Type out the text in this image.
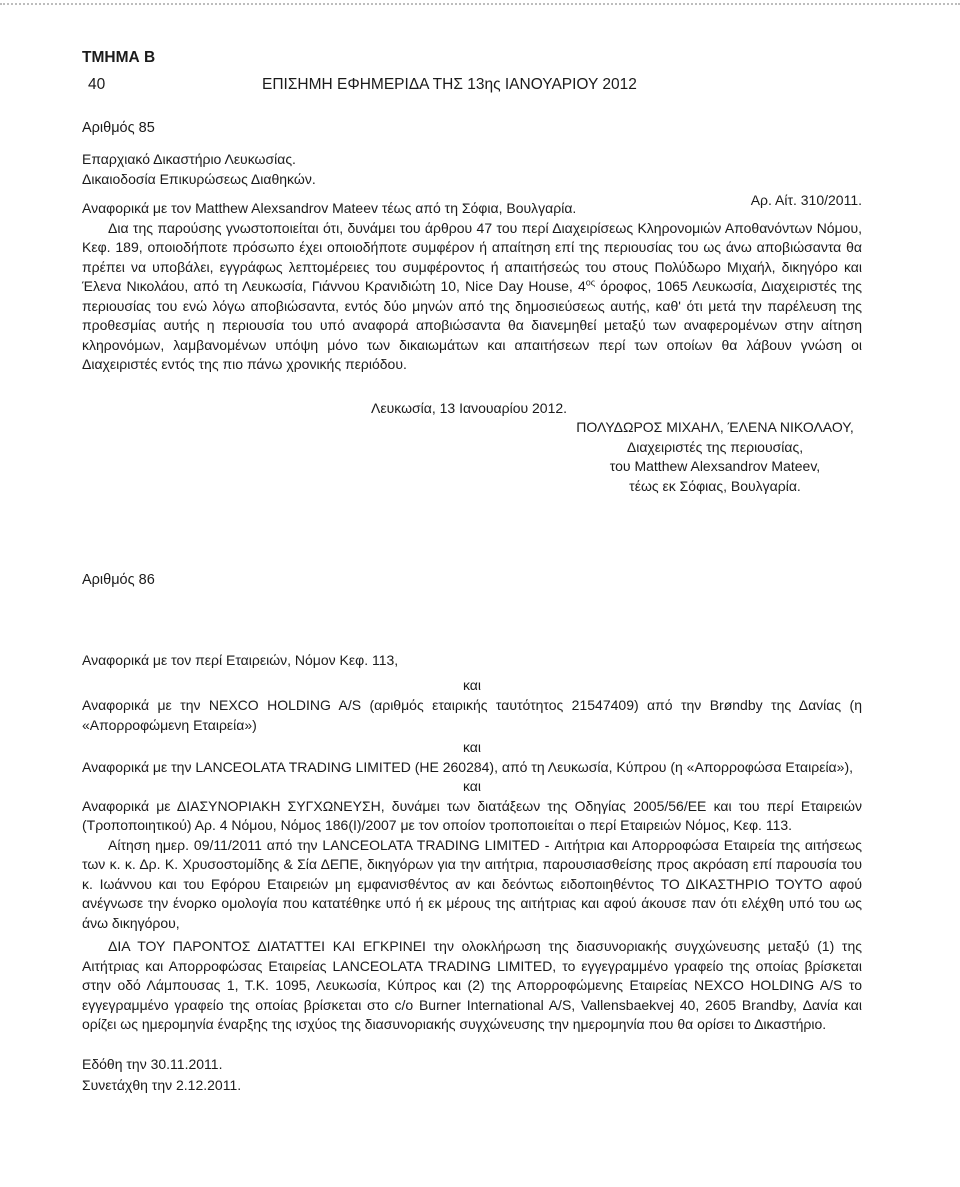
ΤΜΗΜΑ Β
40	ΕΠΙΣΗΜΗ ΕΦΗΜΕΡΙΔΑ ΤΗΣ 13ης ΙΑΝΟΥΑΡΙΟΥ 2012
Αριθμός 85
Επαρχιακό Δικαστήριο Λευκωσίας.
Δικαιοδοσία Επικυρώσεως Διαθηκών.
Αναφορικά με τον Matthew Alexsandrov Mateev τέως από τη Σόφια, Βουλγαρία.	Αρ. Αίτ. 310/2011.

Δια της παρούσης γνωστοποιείται ότι, δυνάμει του άρθρου 47 του περί Διαχειρίσεως Κληρονομιών Αποθανόντων Νόμου, Κεφ. 189, οποιοδήποτε πρόσωπο έχει οποιοδήποτε συμφέρον ή απαίτηση επί της περιουσίας του ως άνω αποβιώσαντα θα πρέπει να υποβάλει, εγγράφως λεπτομέρειες του συμφέροντος ή απαιτήσεώς του στους Πολύδωρο Μιχαήλ, δικηγόρο και Έλενα Νικολάου, από τη Λευκωσία, Γιάννου Κρανιδιώτη 10, Nice Day House, $4^{o\varsigma}$ όροφος, 1065 Λευκωσία, Διαχειριστές της περιουσίας του ενώ λόγω αποβιώσαντα, εντός δύο μηνών από της δημοσιεύσεως αυτής, καθ' ότι μετά την παρέλευση της προθεσμίας αυτής η περιουσία του υπό αναφορά αποβιώσαντα θα διανεμηθεί μεταξύ των αναφερομένων στην αίτηση κληρονόμων, λαμβανομένων υπόψη μόνο των δικαιωμάτων και απαιτήσεων περί των οποίων θα λάβουν γνώση οι Διαχειριστές εντός της πιο πάνω χρονικής περιόδου.

Λευκωσία, 13 Ιανουαρίου 2012.
ΠΟΛΥΔΩΡΟΣ ΜΙΧΑΗΛ, ΈΛΕΝΑ ΝΙΚΟΛΑΟΥ,
Διαχειριστές της περιουσίας,
του Matthew Alexsandrov Mateev,
τέως εκ Σόφιας, Βουλγαρία.
Αριθμός 86
Αναφορικά με τον περί Εταιρειών, Νόμον Κεφ. 113,
και

Αναφορικά με την NEXCO HOLDING A/S (αριθμός εταιρικής ταυτότητος 21547409) από την Brøndby της Δανίας (η «Απορροφώμενη Εταιρεία»)

και

Αναφορικά με την LANCEOLATA TRADING LIMITED (ΗΕ 260284), από τη Λευκωσία, Κύπρου (η «Απορροφώσα Εταιρεία»),

και

Αναφορικά με ΔΙΑΣΥΝΟΡΙΑΚΗ ΣΥΓΧΩΝΕΥΣΗ, δυνάμει των διατάξεων της Οδηγίας 2005/56/ΕΕ και του περί Εταιρειών (Τροποποιητικού) Αρ. 4 Νόμου, Νόμος 186(Ι)/2007 με τον οποίον τροποποιείται ο περί Εταιρειών Νόμος, Κεφ. 113.

Αίτηση ημερ. 09/11/2011 από την LANCEOLATA TRADING LIMITED - Αιτήτρια και Απορροφώσα Εταιρεία της αιτήσεως των κ. κ. Δρ. Κ. Χρυσοστομίδης & Σία ΔΕΠΕ, δικηγόρων για την αιτήτρια, παρουσιασθείσης προς ακρόαση επί παρουσία του κ. Ιωάννου και του Εφόρου Εταιρειών μη εμφανισθέντος αν και δεόντως ειδοποιηθέντος ΤΟ ΔΙΚΑΣΤΗΡΙΟ ΤΟΥΤΟ αφού ανέγνωσε την ένορκο ομολογία που κατατέθηκε υπό ή εκ μέρους της αιτήτριας και αφού άκουσε παν ότι ελέχθη υπό του ως άνω δικηγόρου,

ΔΙΑ ΤΟΥ ΠΑΡΟΝΤΟΣ ΔΙΑΤΑΤΤΕΙ ΚΑΙ ΕΓΚΡΙΝΕΙ την ολοκλήρωση της διασυνοριακής συγχώνευσης μεταξύ (1) της Αιτήτριας και Απορροφώσας Εταιρείας LANCEOLATA TRADING LIMITED, το εγγεγραμμένο γραφείο της οποίας βρίσκεται στην οδό Λάμπουσας 1, Τ.Κ. 1095, Λευκωσία, Κύπρος και (2) της Απορροφώμενης Εταιρείας NEXCO HOLDING A/S το εγγεγραμμένο γραφείο της οποίας βρίσκεται στο c/o Burner International A/S, Vallensbaekvej 40, 2605 Brandby, Δανία και ορίζει ως ημερομηνία έναρξης της ισχύος της διασυνοριακής συγχώνευσης την ημερομηνία που θα ορίσει το Δικαστήριο.

Εδόθη την 30.11.2011.
Συνετάχθη την 2.12.2011.
